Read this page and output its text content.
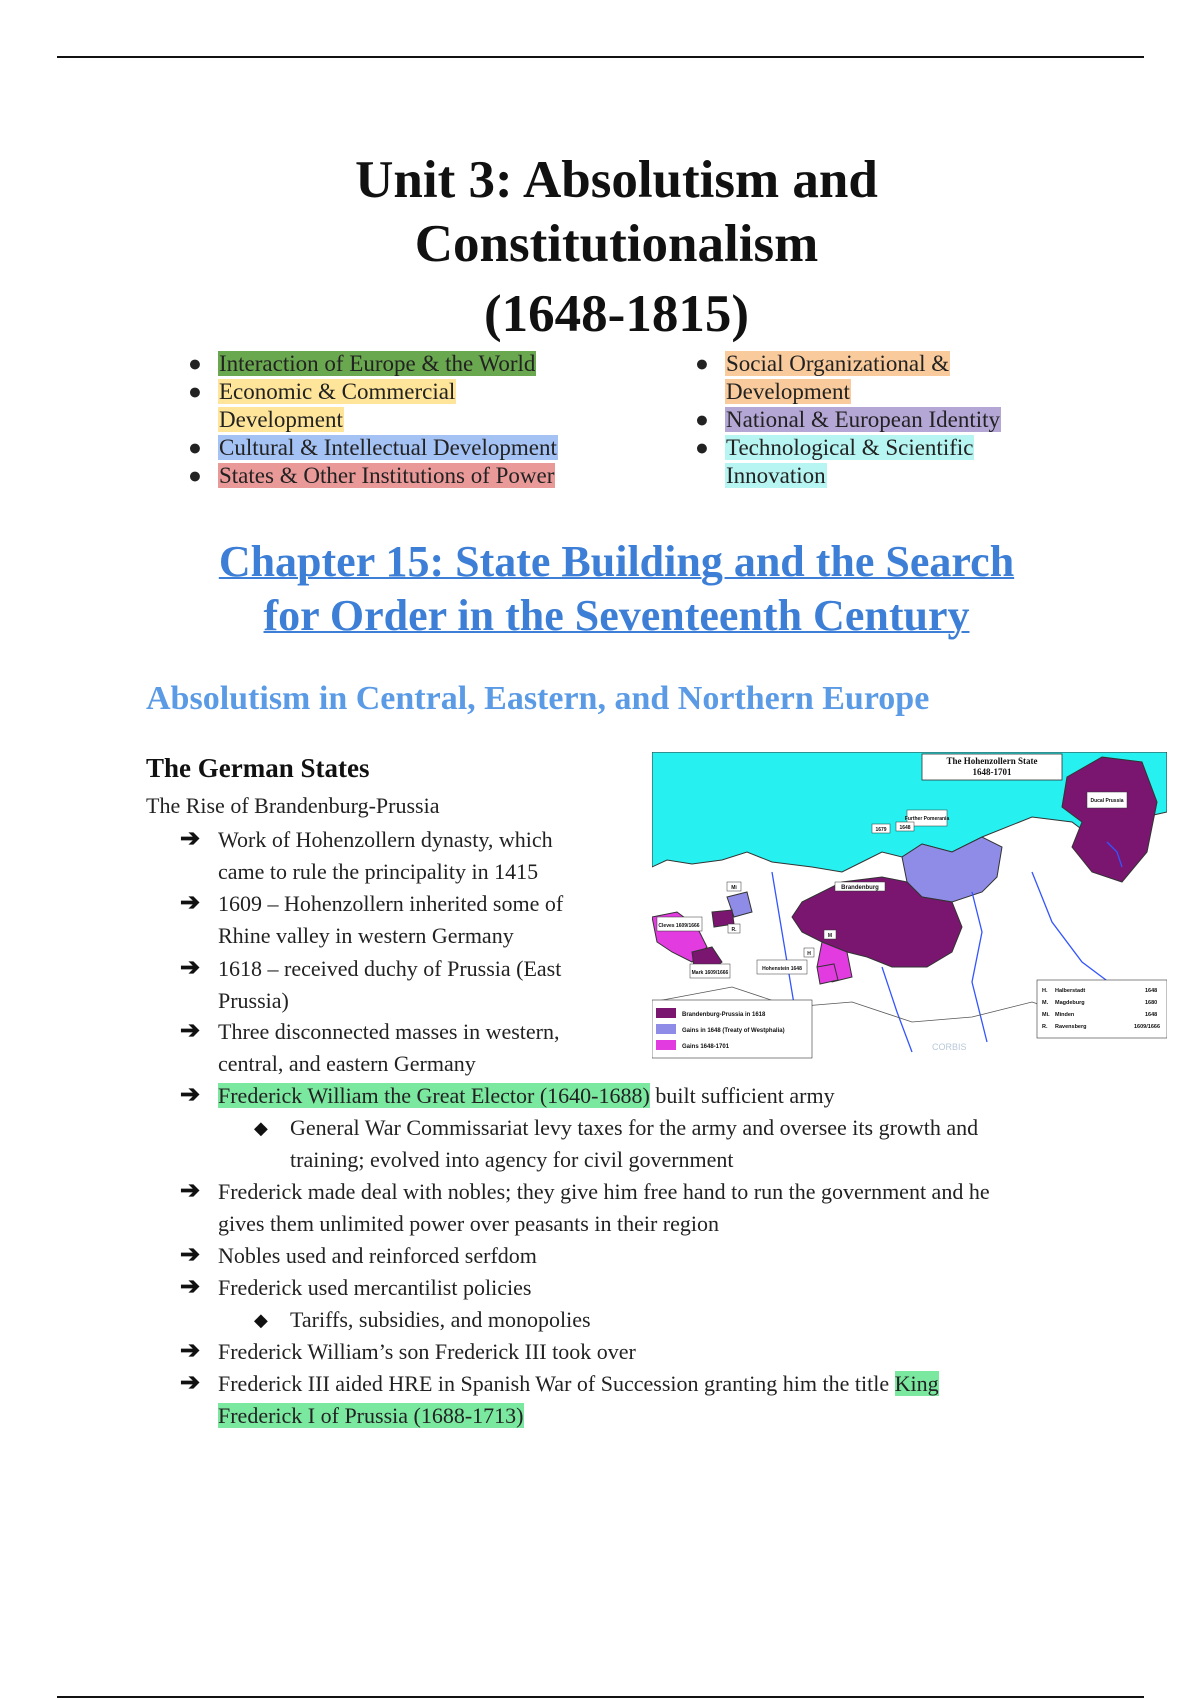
Unit 3: Absolutism and
Constitutionalism
(1648-1815)
● Interaction of Europe & the World
● Economic & Commercial
Development
● Cultural & Intellectual Development
● States & Other Institutions of Power
● Social Organizational &
Development
● National & European Identity
● Technological & Scientific
Innovation
Chapter 15: State Building and the Search
for Order in the Seventeenth Century
Absolutism in Central, Eastern, and Northern Europe
The German States
The Rise of Brandenburg-Prussia
➔ Work of Hohenzollern dynasty, which
came to rule the principality in 1415
➔ 1609 – Hohenzollern inherited some of
Rhine valley in western Germany
➔ 1618 – received duchy of Prussia (East
Prussia)
➔ Three disconnected masses in western,
central, and eastern Germany
➔ Frederick William the Great Elector (1640-1688) built sufficient army
◆ General War Commissariat levy taxes for the army and oversee its growth and
training; evolved into agency for civil government
➔ Frederick made deal with nobles; they give him free hand to run the government and he
gives them unlimited power over peasants in their region
➔ Nobles used and reinforced serfdom
➔ Frederick used mercantilist policies
◆ Tariffs, subsidies, and monopolies
➔ Frederick William’s son Frederick III took over
➔ Frederick III aided HRE in Spanish War of Succession granting him the title King
Frederick I of Prussia (1688-1713)
The Hohenzollern State
1648-1701
Brandenburg
Further Pomerania
Ducal Prussia
Cleves 1609/1666
Mark 1609/1666
Hohenstein 1648
1648
1679
Mi
R.
M
H
Brandenburg-Prussia in 1618
Gains in 1648 (Treaty of Westphalia)
Gains 1648-1701
H. Halberstadt	1648
M. Magdeburg	1680
Mi. Minden	1648
R. Ravensberg	1609/1666
CORBIS
